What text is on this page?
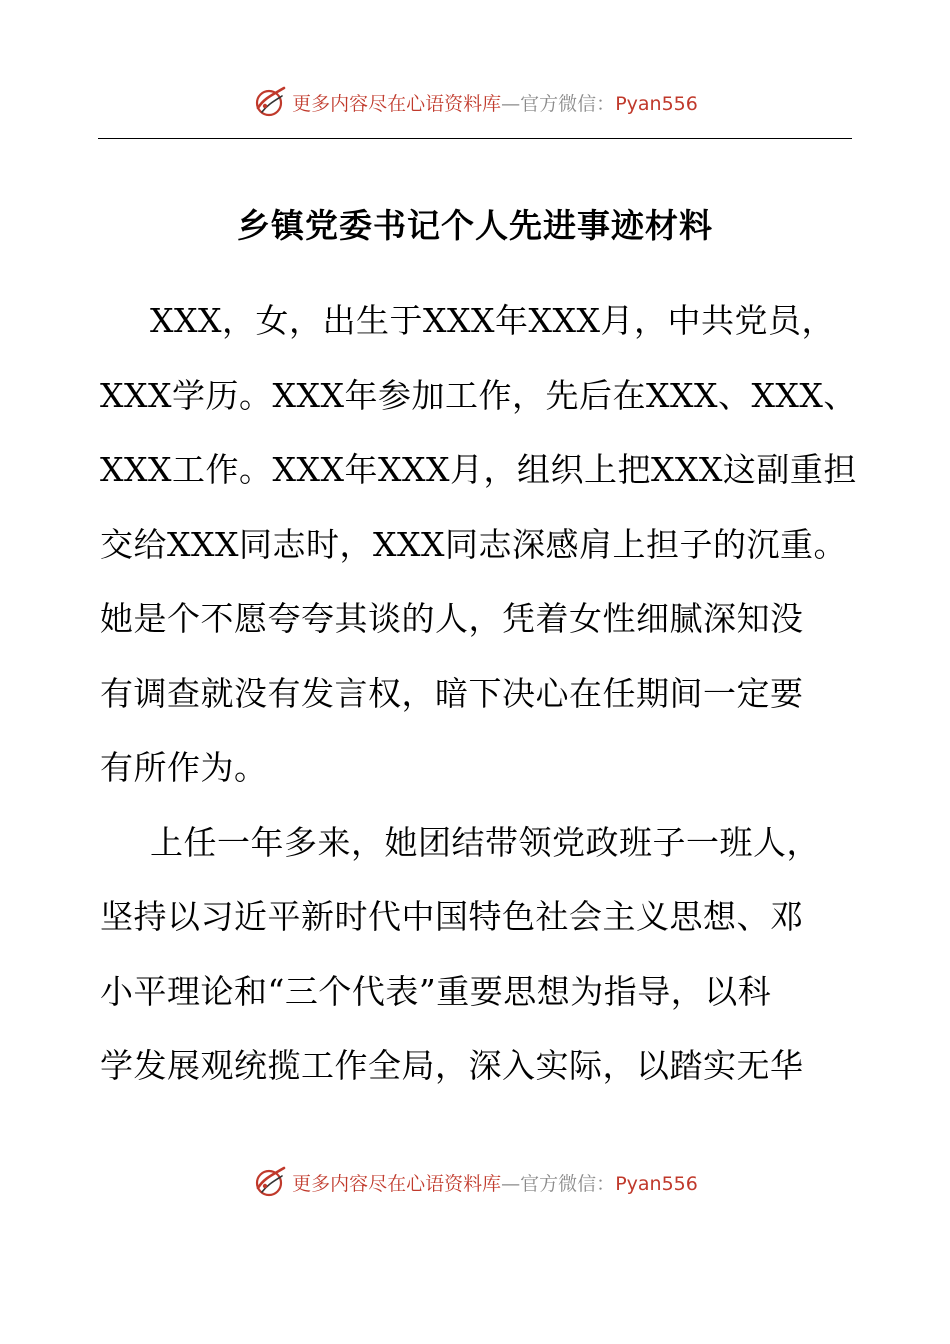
更多内容尽在心语资料库—官方微信：Pyan556
乡镇党委书记个人先进事迹材料
XXX，女，出生于XXX年XXX月，中共党员，
XXX学历。XXX年参加工作，先后在XXX、XXX、
XXX工作。XXX年XXX月，组织上把XXX这副重担
交给XXX同志时，XXX同志深感肩上担子的沉重。
她是个不愿夸夸其谈的人，凭着女性细腻深知没
有调查就没有发言权，暗下决心在任期间一定要
有所作为。
上任一年多来，她团结带领党政班子一班人，
坚持以习近平新时代中国特色社会主义思想、邓
小平理论和“三个代表”重要思想为指导，以科
学发展观统揽工作全局，深入实际，以踏实无华
更多内容尽在心语资料库—官方微信：Pyan556
